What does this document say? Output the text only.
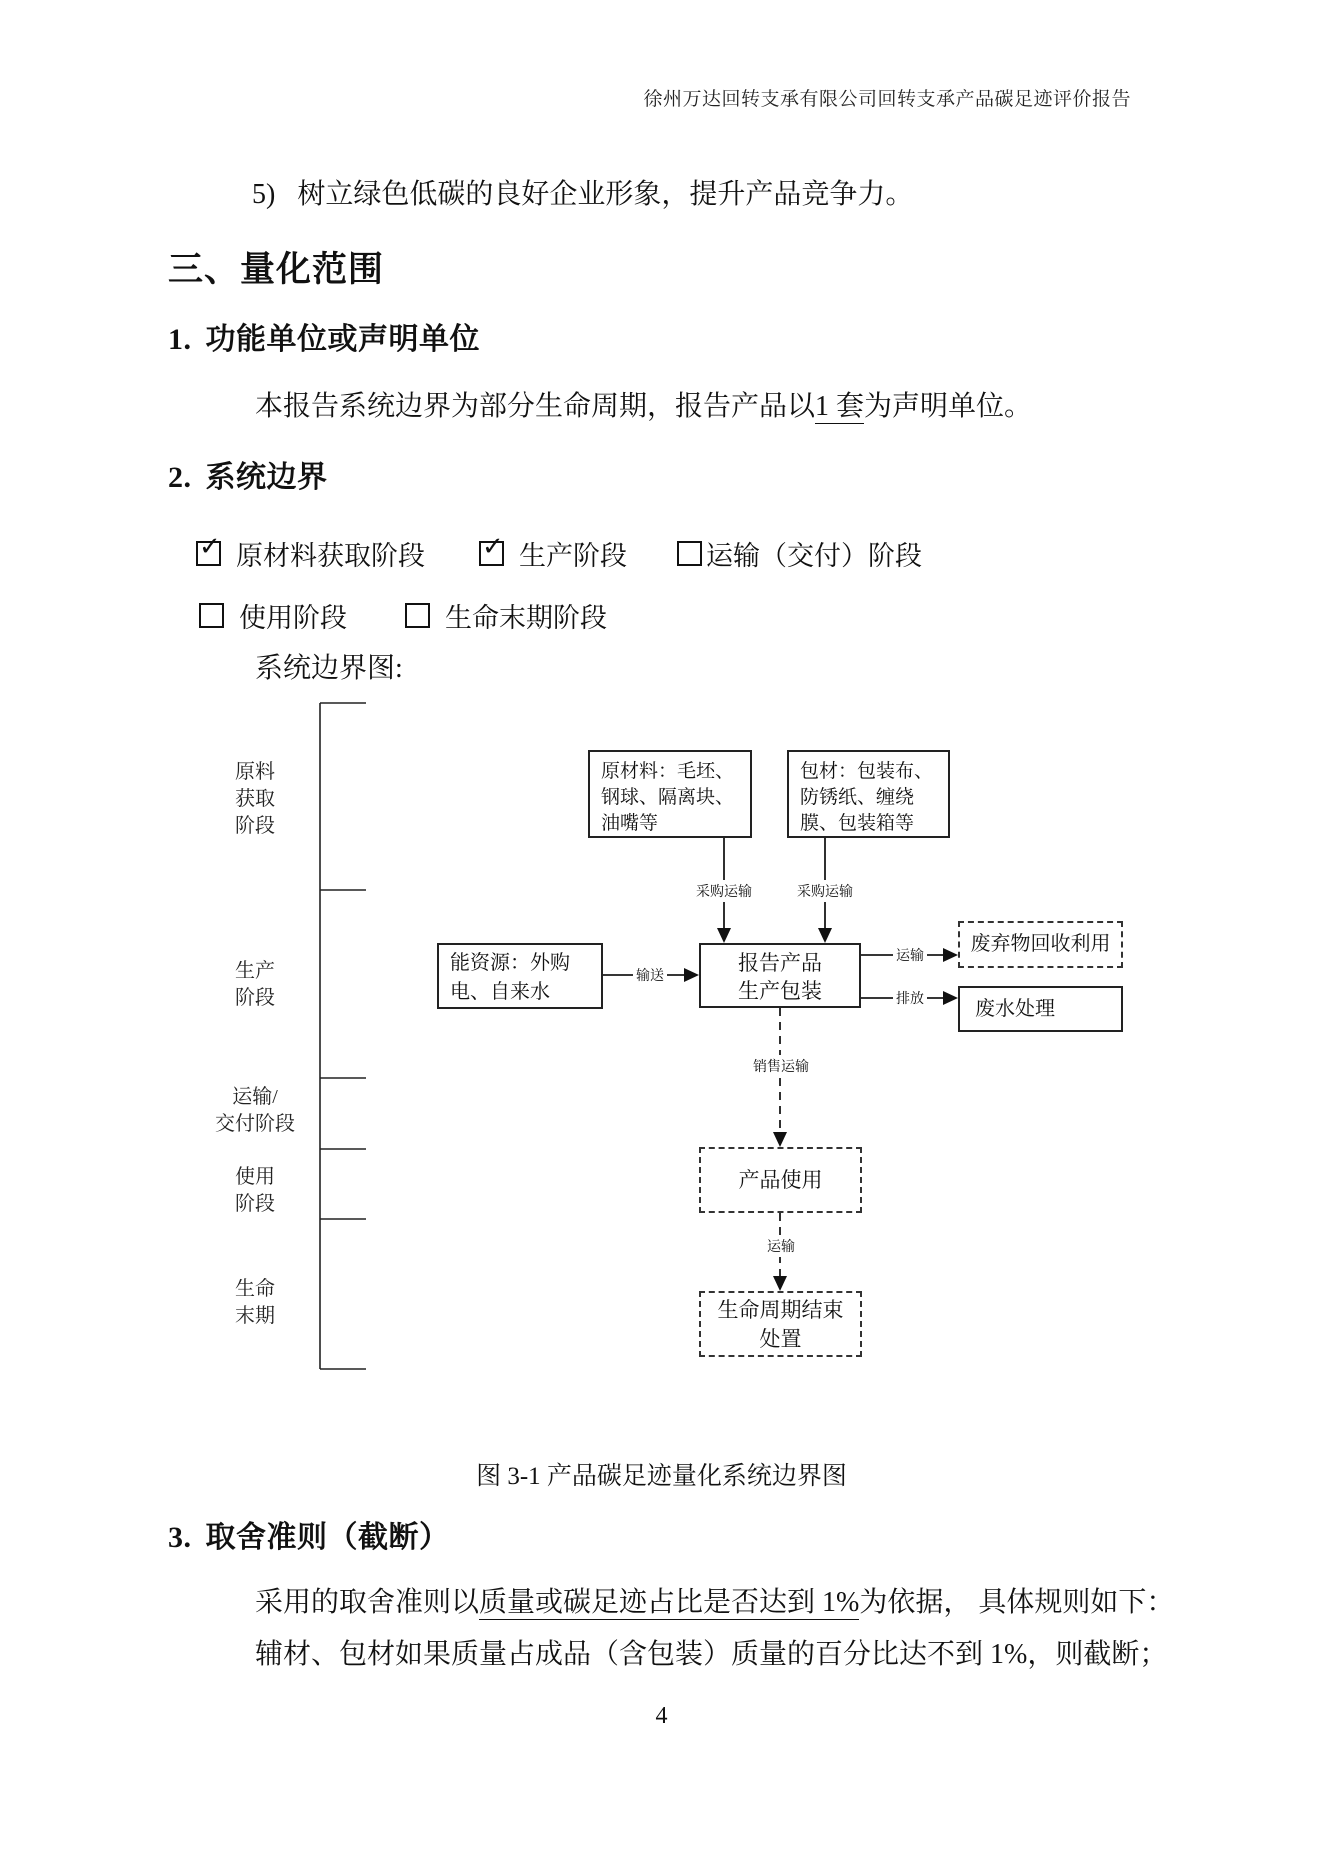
徐州万达回转支承有限公司回转支承产品碳足迹评价报告
5) 树立绿色低碳的良好企业形象，提升产品竞争力。
三、量化范围
1. 功能单位或声明单位
本报告系统边界为部分生命周期，报告产品以1 套为声明单位。
2. 系统边界
✓ 原材料获取阶段 ✓ 生产阶段	运输（交付）阶段
使用阶段	生命末期阶段
系统边界图:
原料
获取
阶段
生产
阶段
运输/
交付阶段
使用
阶段
生命
末期
原材料：毛坯、
钢球、隔离块、
油嘴等
包材：包装布、
防锈纸、缠绕
膜、包装箱等
能资源：外购
电、自来水
报告产品
生产包装
废弃物回收利用
废水处理
产品使用
生命周期结束
处置
采购运输	采购运输
输送
运输
排放
销售运输
运输
图 3-1 产品碳足迹量化系统边界图
3. 取舍准则（截断）
采用的取舍准则以质量或碳足迹占比是否达到 1%为依据， 具体规则如下：
辅材、包材如果质量占成品（含包装）质量的百分比达不到 1%，则截断；
4
